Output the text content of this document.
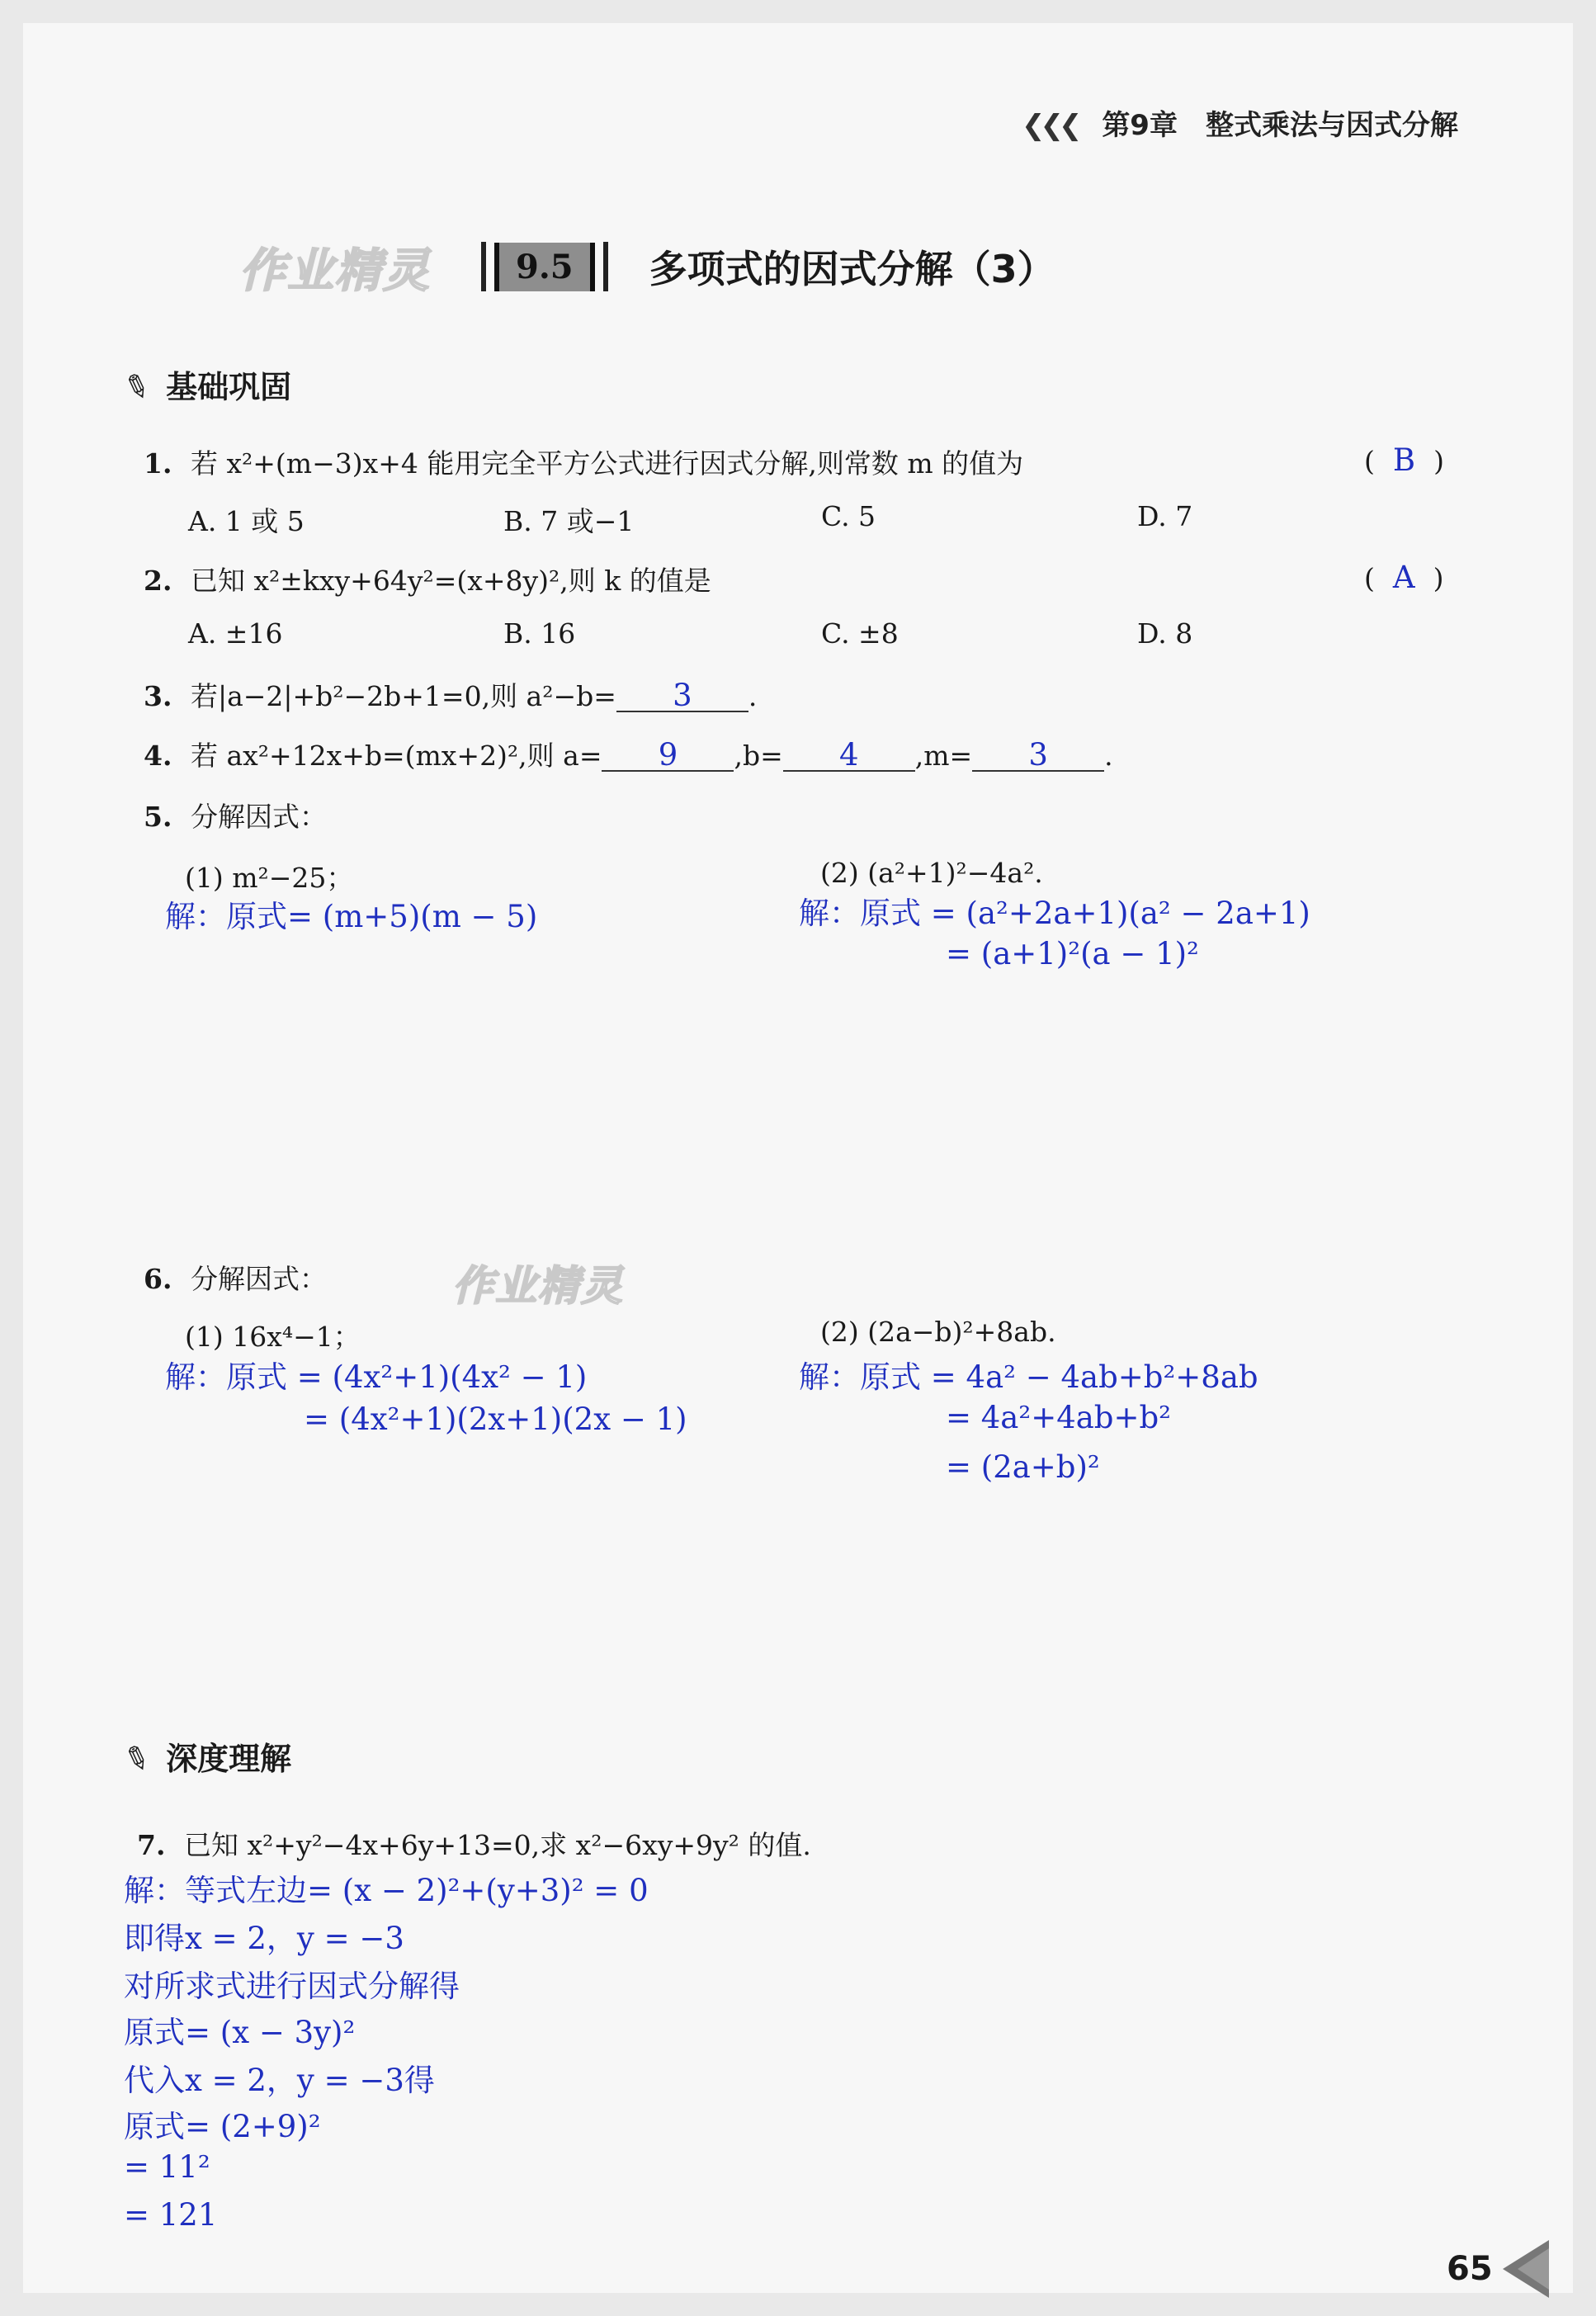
❮❮❮ 第9章　整式乘法与因式分解
作业精灵	9.5	多项式的因式分解（3）
✎ 基础巩固
1. 若 x²+(m−3)x+4 能用完全平方公式进行因式分解,则常数 m 的值为	( B )
A. 1 或 5	B. 7 或−1	C. 5	D. 7
2. 已知 x²±kxy+64y²=(x+8y)²,则 k 的值是	( A )
A. ±16	B. 16	C. ±8	D. 8
3. 若|a−2|+b²−2b+1=0,则 a²−b= 3 .
4. 若 ax²+12x+b=(mx+2)²,则 a= 9 ,b= 4 ,m= 3 .
5. 分解因式：
(1) m²−25；
解：原式= (m+5)(m − 5)
(2) (a²+1)²−4a².
解：原式 = (a²+2a+1)(a² − 2a+1)
= (a+1)²(a − 1)²
6. 分解因式：	作业精灵
(1) 16x⁴−1；
解：原式 = (4x²+1)(4x² − 1)
= (4x²+1)(2x+1)(2x − 1)
(2) (2a−b)²+8ab.
解：原式 = 4a² − 4ab+b²+8ab
= 4a²+4ab+b²
= (2a+b)²
✎ 深度理解
7. 已知 x²+y²−4x+6y+13=0,求 x²−6xy+9y² 的值.
解：等式左边= (x − 2)²+(y+3)² = 0
即得x = 2，y = −3
对所求式进行因式分解得
原式= (x − 3y)²
代入x = 2，y = −3得
原式= (2+9)²
= 11²
= 121
65
